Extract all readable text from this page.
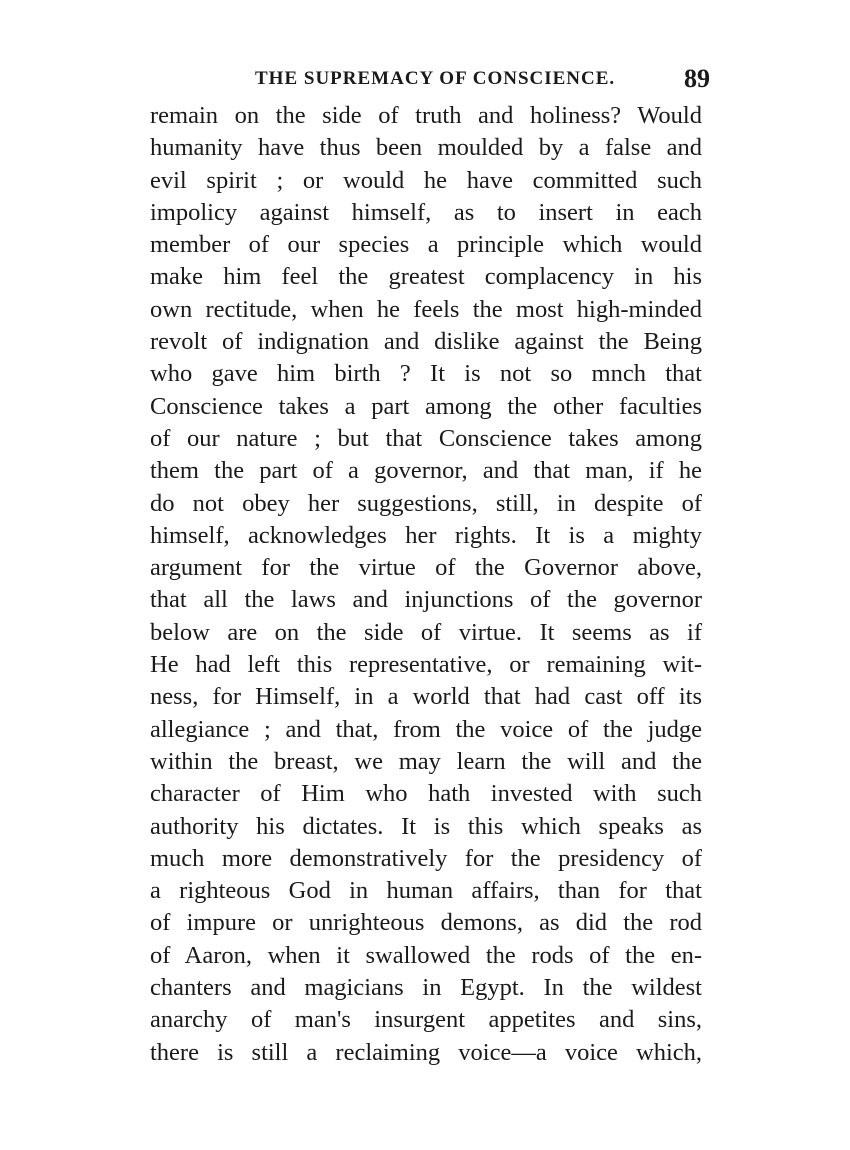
THE SUPREMACY OF CONSCIENCE.	89
remain on the side of truth and holiness? Would
humanity have thus been moulded by a false and
evil spirit ; or would he have committed such
impolicy against himself, as to insert in each
member of our species a principle which would
make him feel the greatest complacency in his
own rectitude, when he feels the most high-minded
revolt of indignation and dislike against the Being
who gave him birth ? It is not so mnch that
Conscience takes a part among the other faculties
of our nature ; but that Conscience takes among
them the part of a governor, and that man, if he
do not obey her suggestions, still, in despite of
himself, acknowledges her rights. It is a mighty
argument for the virtue of the Governor above,
that all the laws and injunctions of the governor
below are on the side of virtue. It seems as if
He had left this representative, or remaining wit-
ness, for Himself, in a world that had cast off its
allegiance ; and that, from the voice of the judge
within the breast, we may learn the will and the
character of Him who hath invested with such
authority his dictates. It is this which speaks as
much more demonstratively for the presidency of
a righteous God in human affairs, than for that
of impure or unrighteous demons, as did the rod
of Aaron, when it swallowed the rods of the en-
chanters and magicians in Egypt. In the wildest
anarchy of man's insurgent appetites and sins,
there is still a reclaiming voice—a voice which,
